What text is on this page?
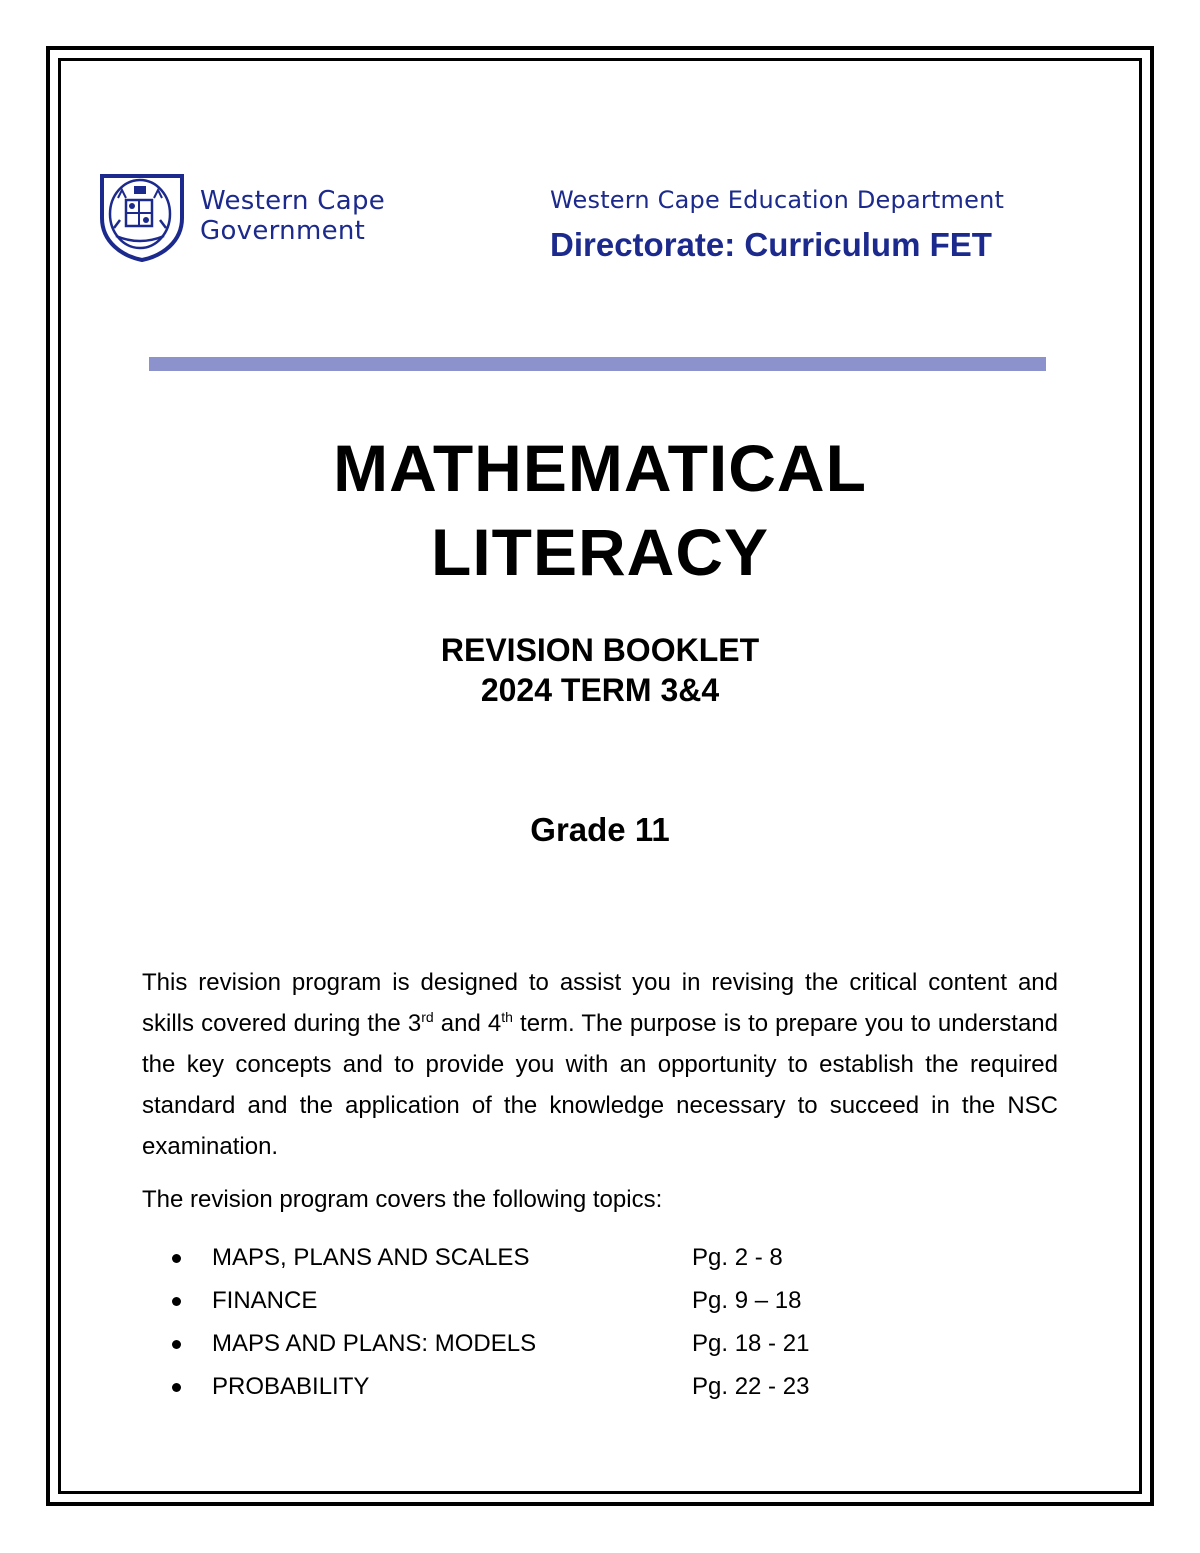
Western Cape
Government
Western Cape Education Department
Directorate: Curriculum FET
MATHEMATICAL
LITERACY
REVISION BOOKLET
2024 TERM 3&4
Grade 11

This revision program is designed to assist you in revising the critical content and skills covered during the 3rd and 4th term. The purpose is to prepare you to understand the key concepts and to provide you with an opportunity to establish the required standard and the application of the knowledge necessary to succeed in the NSC examination.

The revision program covers the following topics:

MAPS, PLANS AND SCALES	Pg. 2 - 8
FINANCE	Pg. 9 – 18
MAPS AND PLANS: MODELS	Pg. 18 - 21
PROBABILITY	Pg. 22 - 23
